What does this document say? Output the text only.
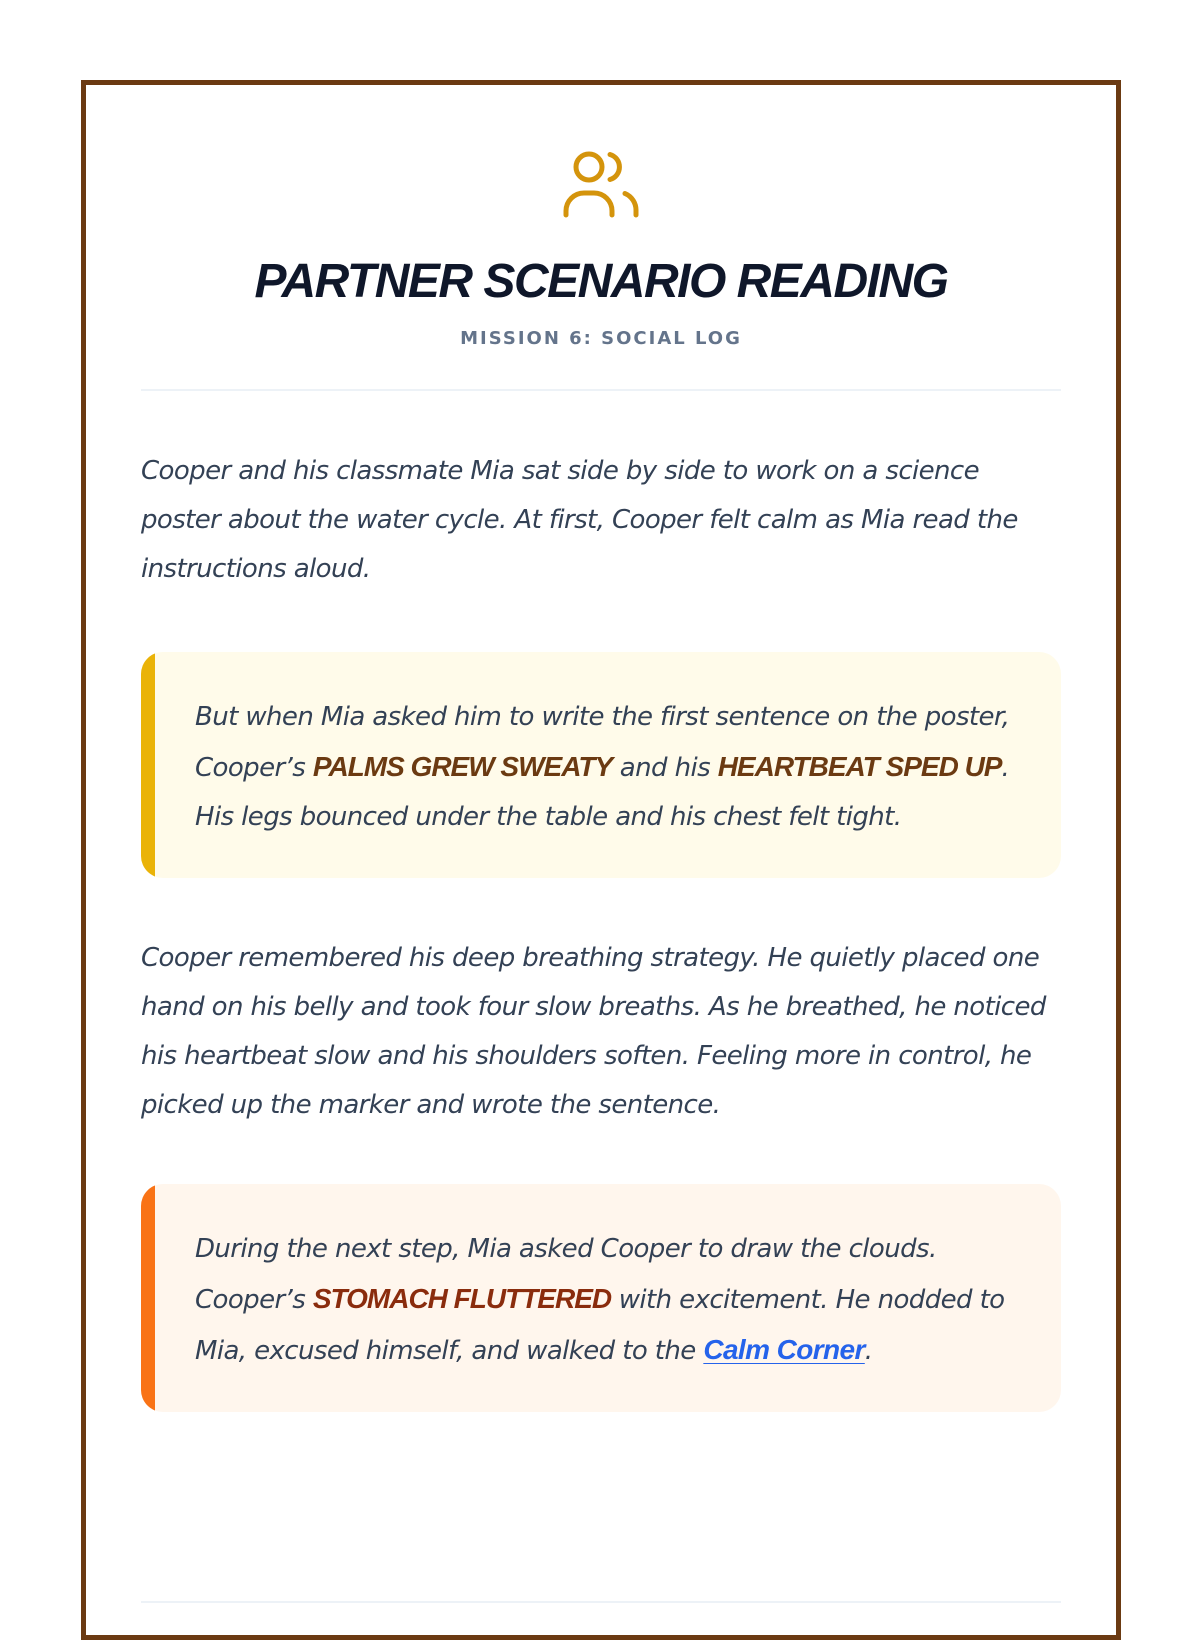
PARTNER SCENARIO READING
MISSION 6: SOCIAL LOG

Cooper and his classmate Mia sat side by side to work on a science poster about the water cycle. At first, Cooper felt calm as Mia read the instructions aloud.

But when Mia asked him to write the first sentence on the poster, Cooper’s PALMS GREW SWEATY and his HEARTBEAT SPED UP. His legs bounced under the table and his chest felt tight.

Cooper remembered his deep breathing strategy. He quietly placed one hand on his belly and took four slow breaths. As he breathed, he noticed his heartbeat slow and his shoulders soften. Feeling more in control, he picked up the marker and wrote the sentence.

During the next step, Mia asked Cooper to draw the clouds. Cooper’s STOMACH FLUTTERED with excitement. He nodded to Mia, excused himself, and walked to the Calm Corner.
